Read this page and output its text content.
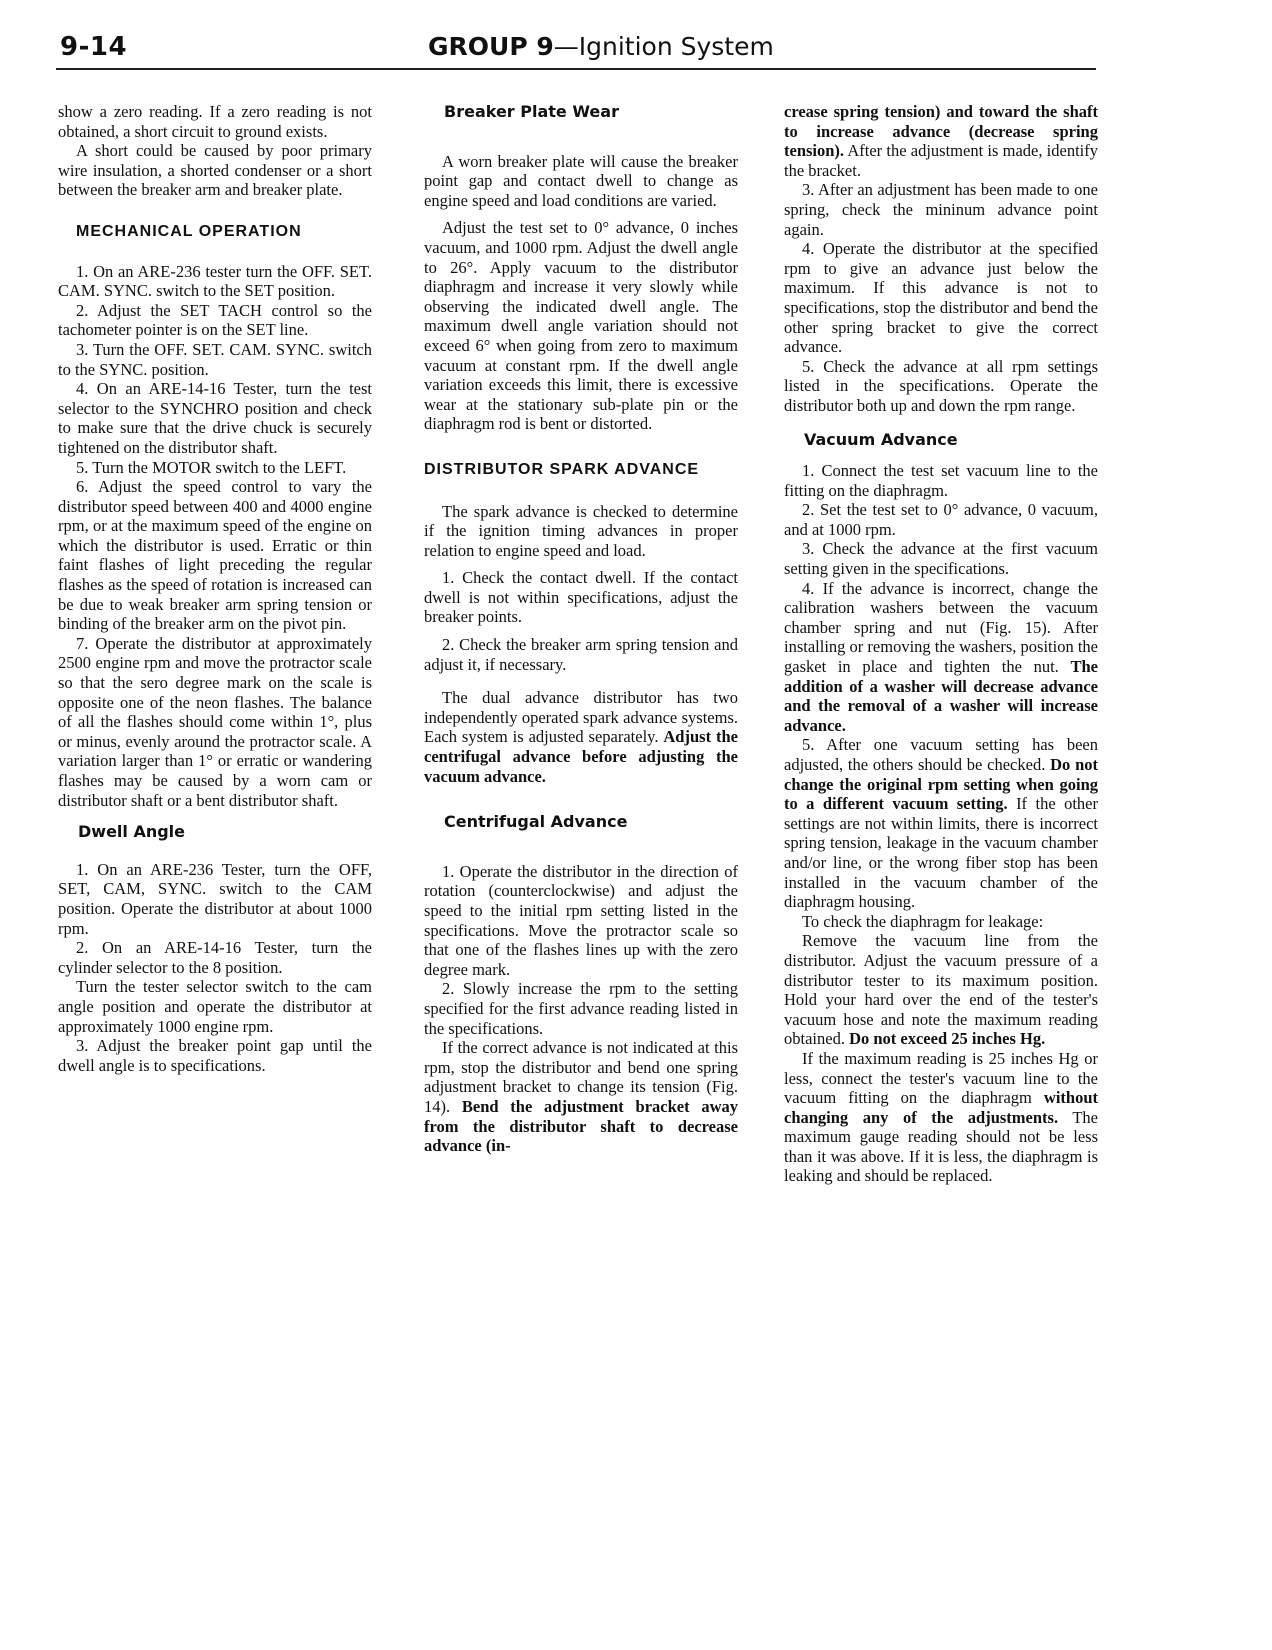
9-14	GROUP 9—Ignition System

show a zero reading. If a zero reading is not obtained, a short circuit to ground exists.

A short could be caused by poor primary wire insulation, a shorted condenser or a short between the breaker arm and breaker plate.

MECHANICAL OPERATION

1. On an ARE-236 tester turn the OFF. SET. CAM. SYNC. switch to the SET position.

2. Adjust the SET TACH control so the tachometer pointer is on the SET line.

3. Turn the OFF. SET. CAM. SYNC. switch to the SYNC. position.

4. On an ARE-14-16 Tester, turn the test selector to the SYNCHRO position and check to make sure that the drive chuck is securely tightened on the distributor shaft.

5. Turn the MOTOR switch to the LEFT.

6. Adjust the speed control to vary the distributor speed between 400 and 4000 engine rpm, or at the maximum speed of the engine on which the distributor is used. Erratic or thin faint flashes of light preceding the regular flashes as the speed of rotation is increased can be due to weak breaker arm spring tension or binding of the breaker arm on the pivot pin.

7. Operate the distributor at approximately 2500 engine rpm and move the protractor scale so that the sero degree mark on the scale is opposite one of the neon flashes. The balance of all the flashes should come within 1°, plus or minus, evenly around the protractor scale. A variation larger than 1° or erratic or wandering flashes may be caused by a worn cam or distributor shaft or a bent distributor shaft.

Dwell Angle

1. On an ARE-236 Tester, turn the OFF, SET, CAM, SYNC. switch to the CAM position. Operate the distributor at about 1000 rpm.

2. On an ARE-14-16 Tester, turn the cylinder selector to the 8 position.

Turn the tester selector switch to the cam angle position and operate the distributor at approximately 1000 engine rpm.

3. Adjust the breaker point gap until the dwell angle is to specifications.

Breaker Plate Wear

A worn breaker plate will cause the breaker point gap and contact dwell to change as engine speed and load conditions are varied.

Adjust the test set to 0° advance, 0 inches vacuum, and 1000 rpm. Adjust the dwell angle to 26°. Apply vacuum to the distributor diaphragm and increase it very slowly while observing the indicated dwell angle. The maximum dwell angle variation should not exceed 6° when going from zero to maximum vacuum at constant rpm. If the dwell angle variation exceeds this limit, there is excessive wear at the stationary sub-plate pin or the diaphragm rod is bent or distorted.

DISTRIBUTOR SPARK ADVANCE

The spark advance is checked to determine if the ignition timing advances in proper relation to engine speed and load.

1. Check the contact dwell. If the contact dwell is not within specifications, adjust the breaker points.

2. Check the breaker arm spring tension and adjust it, if necessary.

The dual advance distributor has two independently operated spark advance systems. Each system is adjusted separately. Adjust the centrifugal advance before adjusting the vacuum advance.

Centrifugal Advance

1. Operate the distributor in the direction of rotation (counterclockwise) and adjust the speed to the initial rpm setting listed in the specifications. Move the protractor scale so that one of the flashes lines up with the zero degree mark.

2. Slowly increase the rpm to the setting specified for the first advance reading listed in the specifications.

If the correct advance is not indicated at this rpm, stop the distributor and bend one spring adjustment bracket to change its tension (Fig. 14). Bend the adjustment bracket away from the distributor shaft to decrease advance (in-

crease spring tension) and toward the shaft to increase advance (decrease spring tension). After the adjustment is made, identify the bracket.

3. After an adjustment has been made to one spring, check the mininum advance point again.

4. Operate the distributor at the specified rpm to give an advance just below the maximum. If this advance is not to specifications, stop the distributor and bend the other spring bracket to give the correct advance.

5. Check the advance at all rpm settings listed in the specifications. Operate the distributor both up and down the rpm range.

Vacuum Advance

1. Connect the test set vacuum line to the fitting on the diaphragm.

2. Set the test set to 0° advance, 0 vacuum, and at 1000 rpm.

3. Check the advance at the first vacuum setting given in the specifications.

4. If the advance is incorrect, change the calibration washers between the vacuum chamber spring and nut (Fig. 15). After installing or removing the washers, position the gasket in place and tighten the nut. The addition of a washer will decrease advance and the removal of a washer will increase advance.

5. After one vacuum setting has been adjusted, the others should be checked. Do not change the original rpm setting when going to a different vacuum setting. If the other settings are not within limits, there is incorrect spring tension, leakage in the vacuum chamber and/or line, or the wrong fiber stop has been installed in the vacuum chamber of the diaphragm housing.

To check the diaphragm for leakage:

Remove the vacuum line from the distributor. Adjust the vacuum pressure of a distributor tester to its maximum position. Hold your hard over the end of the tester's vacuum hose and note the maximum reading obtained. Do not exceed 25 inches Hg.

If the maximum reading is 25 inches Hg or less, connect the tester's vacuum line to the vacuum fitting on the diaphragm without changing any of the adjustments. The maximum gauge reading should not be less than it was above. If it is less, the diaphragm is leaking and should be replaced.
